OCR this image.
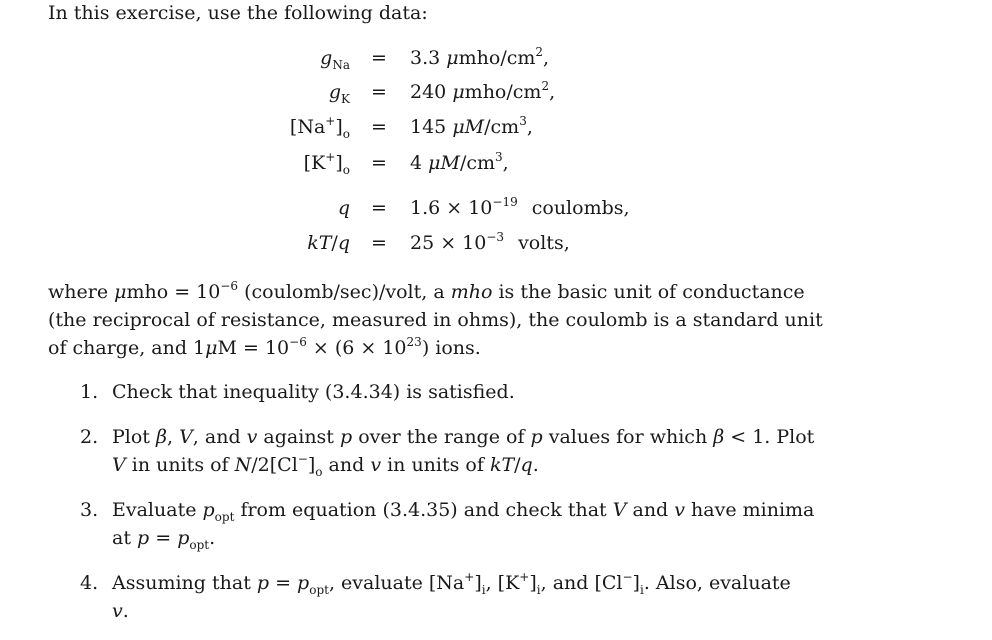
In this exercise, use the following data:
$g_{Na} = 3.3$ μmho/$cm^2$,
$g_K = 240$ μmho/$cm^2$,
$[Na^+]_o = 145$ $\mu M/cm^3$,
$[K^+]_o = 4$ $\mu M/cm^3$,
$q = 1.6 \times 10^{-19}$ coulombs,
$kT/q = 25 \times 10^{-3}$ volts,
where $\mu mho = 10^{-6}$ (coulomb/sec)/volt, a mho is the basic unit of conductance
(the reciprocal of resistance, measured in ohms), the coulomb is a standard unit
of charge, and $1\mu M = 10^{-6} \times (6 \times 10^{23})$ ions.
1. Check that inequality (3.4.34) is satisfied.
2. Plot β, V, and v against p over the range of p values for which β < 1. Plot
V in units of $N/2[Cl^-]_o$ and v in units of kT/q.
3. Evaluate $p_{opt}$ from equation (3.4.35) and check that V and v have minima
at $p = p_{opt}$.
4. Assuming that $p = p_{opt}$, evaluate $[Na^+]_i$, $[K^+]_i$, and $[Cl^-]_i$. Also, evaluate
v.
